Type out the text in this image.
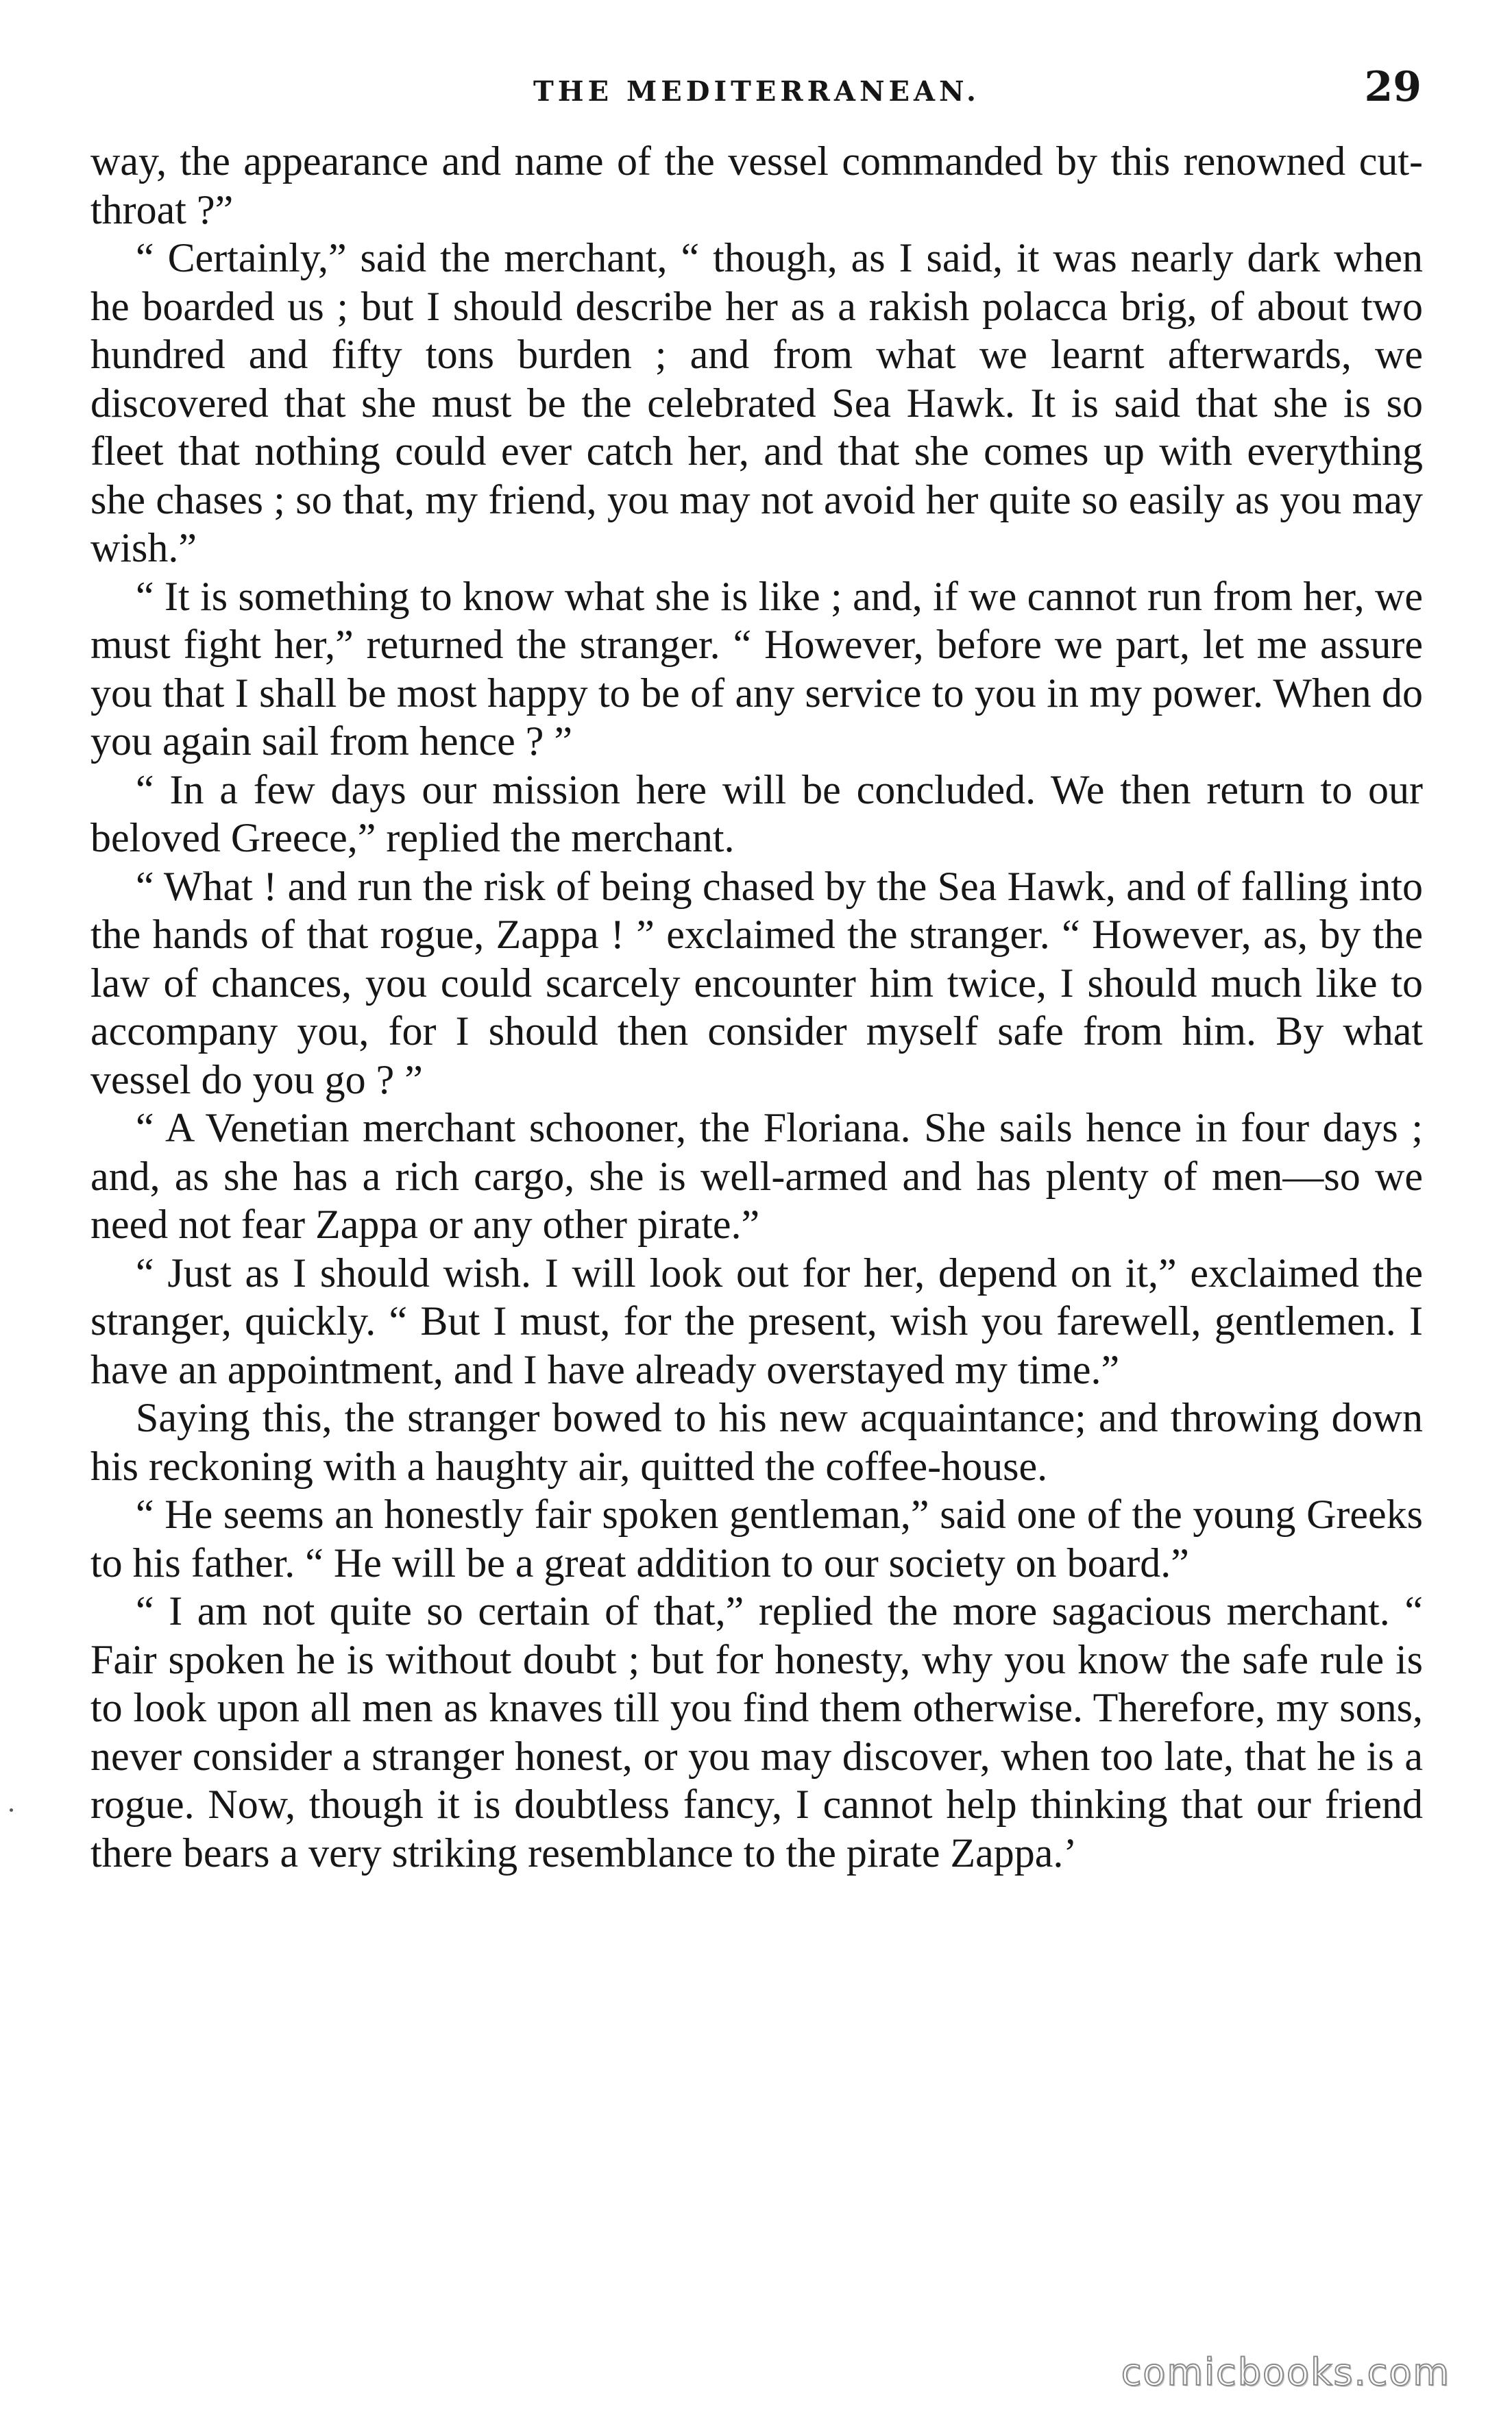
THE MEDITERRANEAN.	29

way, the appearance and name of the vessel commanded by this renowned cut-throat ?”

“ Certainly,” said the merchant, “ though, as I said, it was nearly dark when he boarded us ; but I should describe her as a rakish polacca brig, of about two hundred and fifty tons burden ; and from what we learnt afterwards, we discovered that she must be the celebrated Sea Hawk. It is said that she is so fleet that nothing could ever catch her, and that she comes up with everything she chases ; so that, my friend, you may not avoid her quite so easily as you may wish.”

“ It is something to know what she is like ; and, if we cannot run from her, we must fight her,” returned the stranger. “ However, before we part, let me assure you that I shall be most happy to be of any service to you in my power. When do you again sail from hence ? ”

“ In a few days our mission here will be concluded. We then return to our beloved Greece,” replied the merchant.

“ What ! and run the risk of being chased by the Sea Hawk, and of falling into the hands of that rogue, Zappa ! ” exclaimed the stranger. “ However, as, by the law of chances, you could scarcely encounter him twice, I should much like to accompany you, for I should then consider myself safe from him. By what vessel do you go ? ”

“ A Venetian merchant schooner, the Floriana. She sails hence in four days ; and, as she has a rich cargo, she is well-armed and has plenty of men—so we need not fear Zappa or any other pirate.”

“ Just as I should wish. I will look out for her, depend on it,” exclaimed the stranger, quickly. “ But I must, for the present, wish you farewell, gentlemen. I have an appointment, and I have already overstayed my time.”

Saying this, the stranger bowed to his new acquaintance; and throwing down his reckoning with a haughty air, quitted the coffee-house.

“ He seems an honestly fair spoken gentleman,” said one of the young Greeks to his father. “ He will be a great addition to our society on board.”

“ I am not quite so certain of that,” replied the more sagacious merchant. “ Fair spoken he is without doubt ; but for honesty, why you know the safe rule is to look upon all men as knaves till you find them otherwise. Therefore, my sons, never consider a stranger honest, or you may discover, when too late, that he is a rogue. Now, though it is doubtless fancy, I cannot help thinking that our friend there bears a very striking resemblance to the pirate Zappa.’

comicbooks.com
